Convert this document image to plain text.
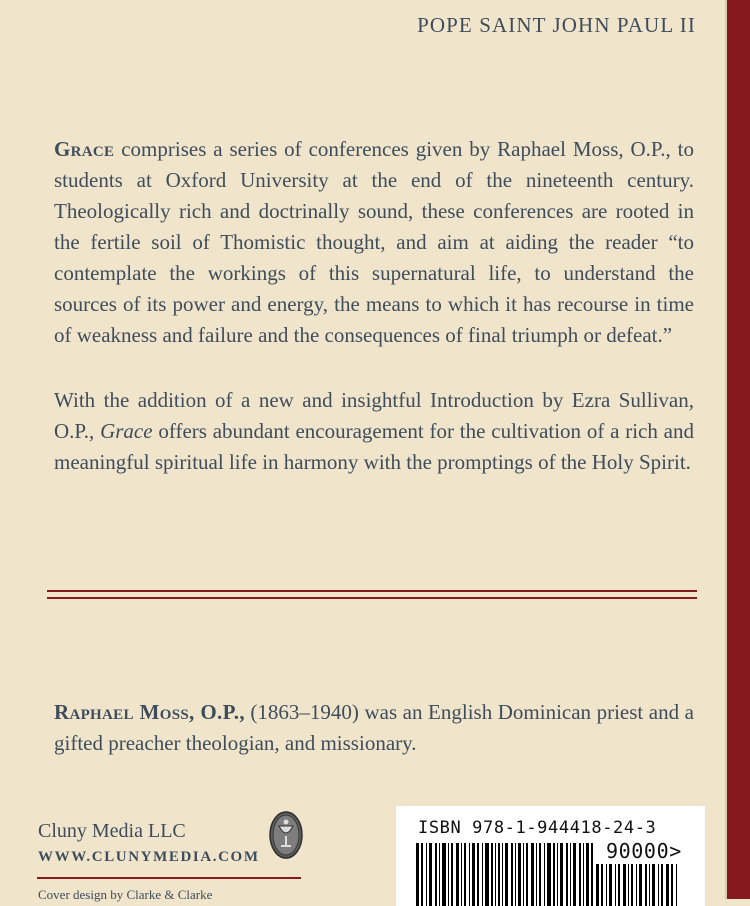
POPE SAINT JOHN PAUL II

Grace comprises a series of conferences given by Raphael Moss, O.P., to students at Oxford University at the end of the nineteenth century. Theologically rich and doctrinally sound, these conferences are rooted in the fertile soil of Thomistic thought, and aim at aiding the reader “to contemplate the workings of this supernatural life, to understand the sources of its power and energy, the means to which it has recourse in time of weakness and failure and the consequences of final triumph or defeat.”

With the addition of a new and insightful Introduction by Ezra Sullivan, O.P., Grace offers abundant encouragement for the cultivation of a rich and meaningful spiritual life in harmony with the promptings of the Holy Spirit.

Raphael Moss, O.P., (1863–1940) was an English Dominican priest and a gifted preacher theologian, and missionary.

Cluny Media LLC
WWW.CLUNYMEDIA.COM
Cover design by Clarke & Clarke
ISBN 978-1-944418-24-3
90000>
